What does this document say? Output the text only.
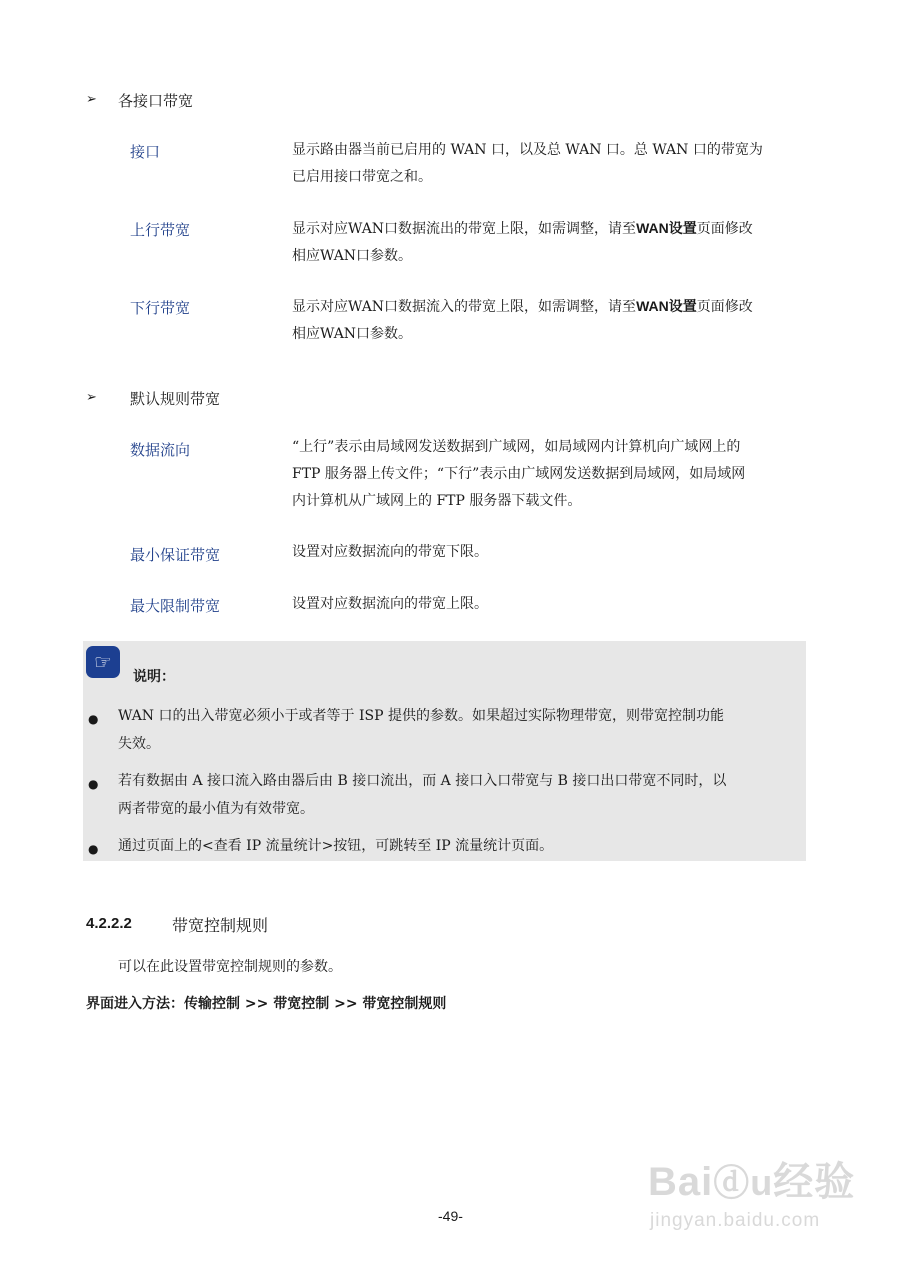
➢ 各接口带宽
接口	显示路由器当前已启用的 WAN 口，以及总 WAN 口。总 WAN 口的带宽为
已启用接口带宽之和。
上行带宽	显示对应WAN口数据流出的带宽上限，如需调整，请至WAN设置页面修改
相应WAN口参数。
下行带宽	显示对应WAN口数据流入的带宽上限，如需调整，请至WAN设置页面修改
相应WAN口参数。
➢ 默认规则带宽
数据流向	“上行”表示由局域网发送数据到广域网，如局域网内计算机向广域网上的
FTP 服务器上传文件；“下行”表示由广域网发送数据到局域网，如局域网
内计算机从广域网上的 FTP 服务器下载文件。
最小保证带宽	设置对应数据流向的带宽下限。
最大限制带宽	设置对应数据流向的带宽上限。
☞
说明：
● WAN 口的出入带宽必须小于或者等于 ISP 提供的参数。如果超过实际物理带宽，则带宽控制功能
失效。
● 若有数据由 A 接口流入路由器后由 B 接口流出，而 A 接口入口带宽与 B 接口出口带宽不同时，以
两者带宽的最小值为有效带宽。
● 通过页面上的<查看 IP 流量统计>按钮，可跳转至 IP 流量统计页面。
4.2.2.2	带宽控制规则
可以在此设置带宽控制规则的参数。
界面进入方法：传输控制 >> 带宽控制 >> 带宽控制规则
-49-
Baiⓓu经验
jingyan.baidu.com
